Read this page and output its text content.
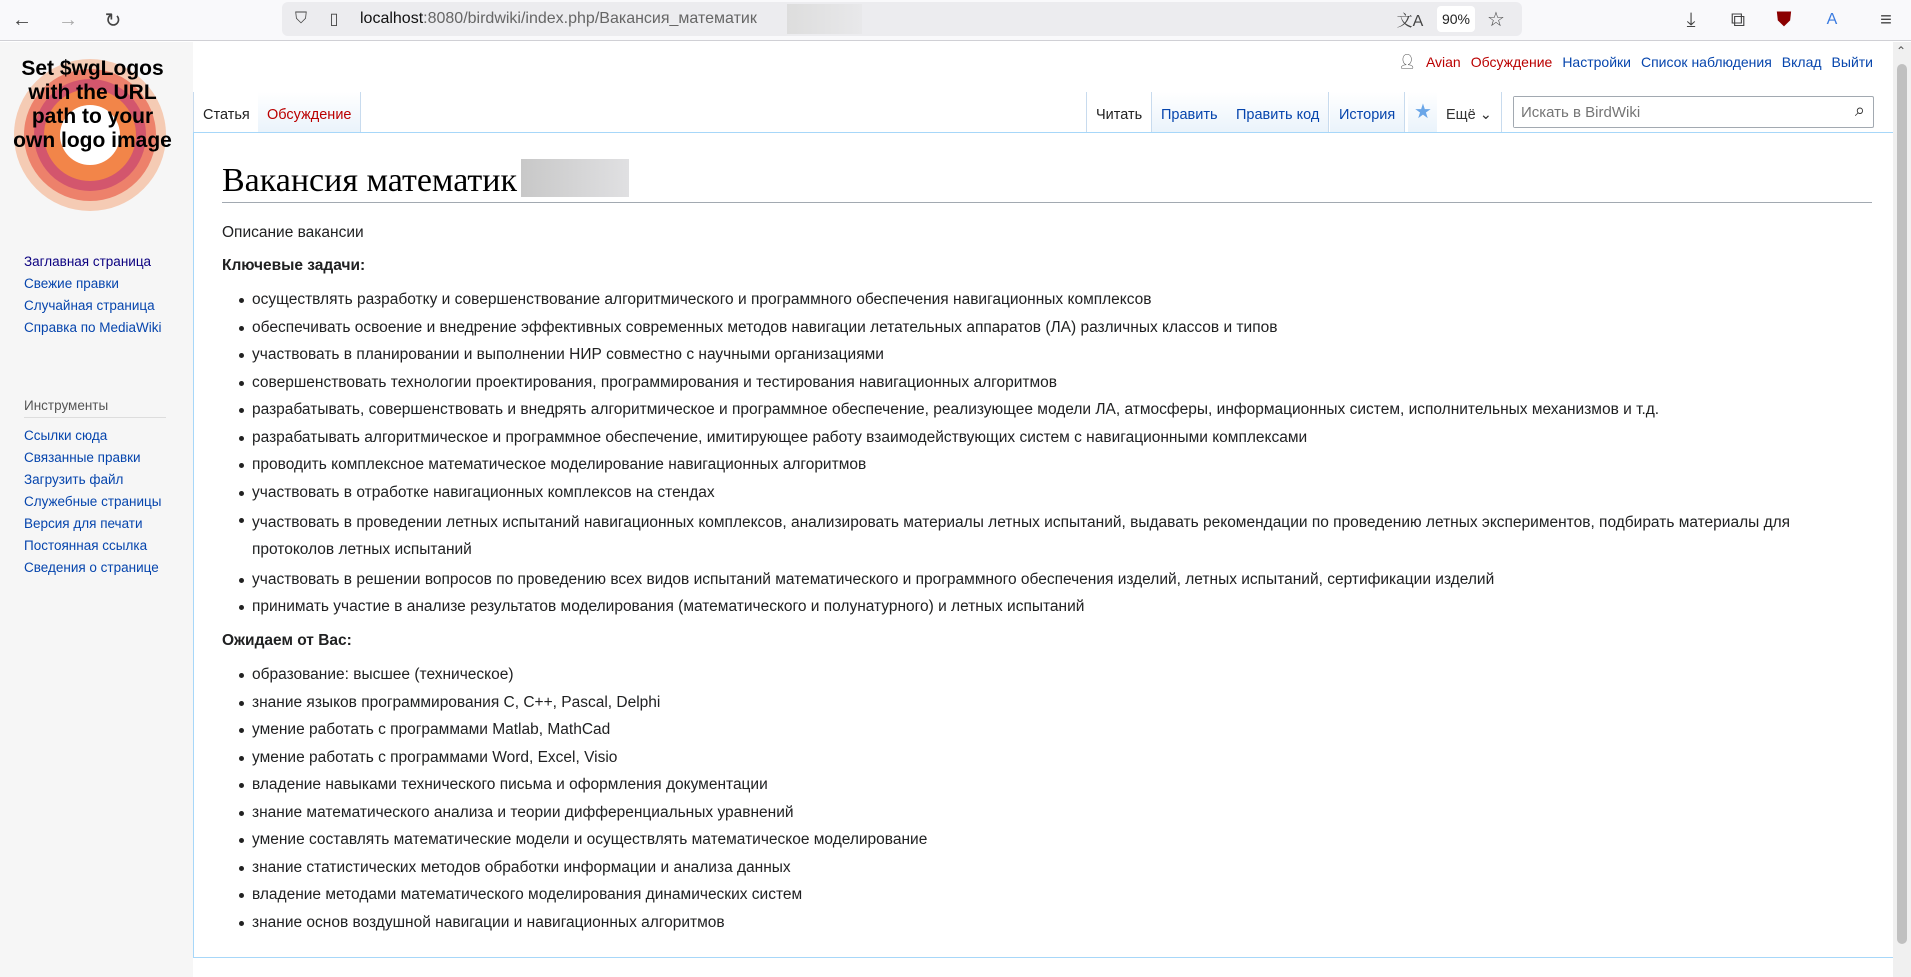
← → ↻	⛉	▯	localhost:8080/birdwiki/index.php/Вакансия_математик	文A	90% ☆	⤓	⧉	⛊	A	≡
Set $wgLogos with the URL path to your own logo image
Заглавная страница
Свежие правки
Случайная страница
Справка по MediaWiki
Инструменты
Ссылки сюда
Связанные правки
Загрузить файл
Служебные страницы
Версия для печати
Постоянная ссылка
Сведения о странице
👤︎ Avian Обсуждение Настройки Список наблюдения Вклад Выйти
Статья	Обсуждение	Читать	Править	Править код	История ★ Ещё ⌄
Искать в BirdWiki	⌕
Вакансия математик

Описание вакансии

Ключевые задачи:

осуществлять разработку и совершенствование алгоритмического и программного обеспечения навигационных комплексов
обеспечивать освоение и внедрение эффективных современных методов навигации летательных аппаратов (ЛА) различных классов и типов
участвовать в планировании и выполнении НИР совместно с научными организациями
совершенствовать технологии проектирования, программирования и тестирования навигационных алгоритмов
разрабатывать, совершенствовать и внедрять алгоритмическое и программное обеспечение, реализующее модели ЛА, атмосферы, информационных систем, исполнительных механизмов и т.д.
разрабатывать алгоритмическое и программное обеспечение, имитирующее работу взаимодействующих систем с навигационными комплексами
проводить комплексное математическое моделирование навигационных алгоритмов
участвовать в отработке навигационных комплексов на стендах
участвовать в проведении летных испытаний навигационных комплексов, анализировать материалы летных испытаний, выдавать рекомендации по проведению летных экспериментов, подбирать материалы для протоколов летных испытаний
участвовать в решении вопросов по проведению всех видов испытаний математического и программного обеспечения изделий, летных испытаний, сертификации изделий
принимать участие в анализе результатов моделирования (математического и полунатурного) и летных испытаний

Ожидаем от Вас:

образование: высшее (техническое)
знание языков программирования С, С++, Pascal, Delphi
умение работать с программами Matlab, MathCad
умение работать с программами Word, Excel, Visio
владение навыками технического письма и оформления документации
знание математического анализа и теории дифференциальных уравнений
умение составлять математические модели и осуществлять математическое моделирование
знание статистических методов обработки информации и анализа данных
владение методами математического моделирования динамических систем
знание основ воздушной навигации и навигационных алгоритмов
⌃
